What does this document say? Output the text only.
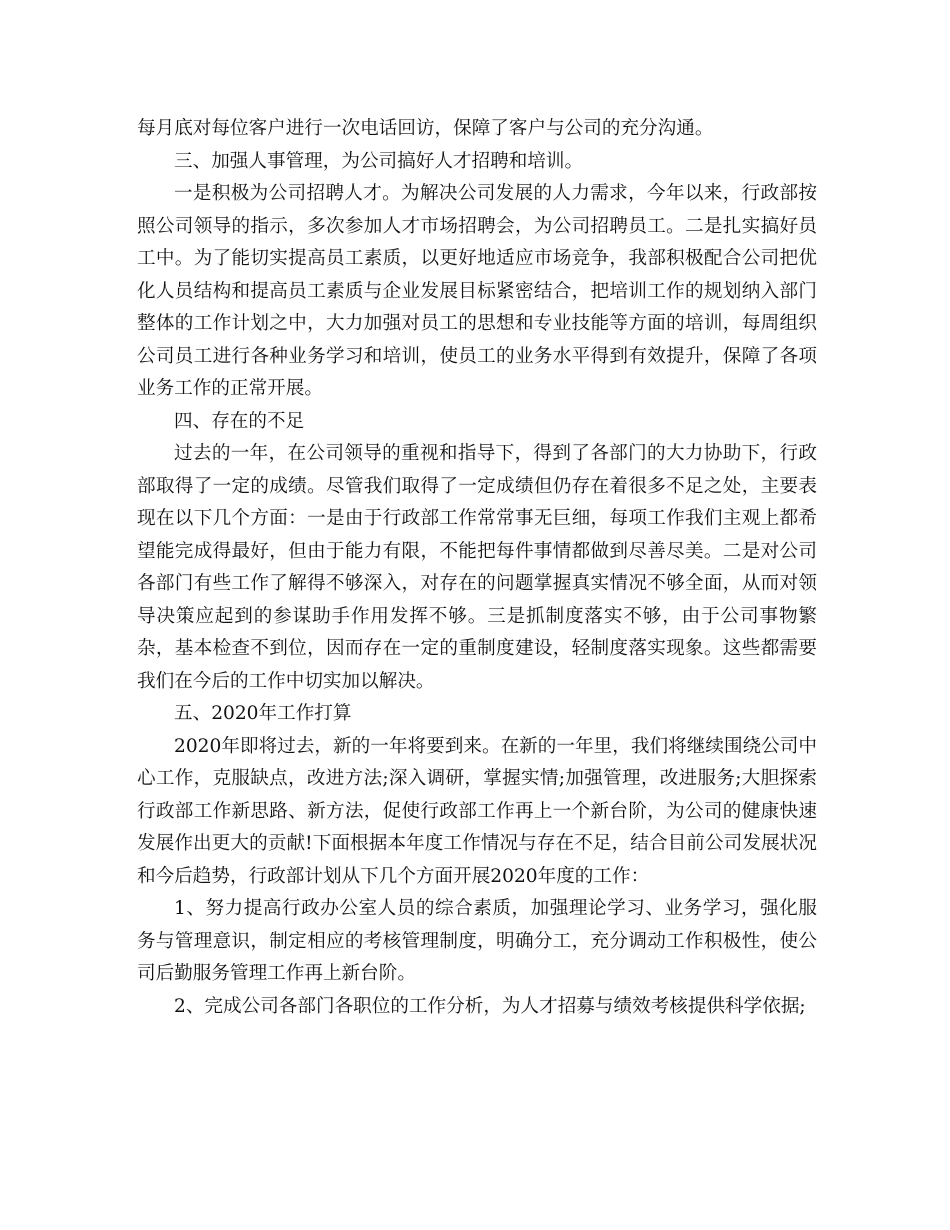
每月底对每位客户进行一次电话回访，保障了客户与公司的充分沟通。

三、加强人事管理，为公司搞好人才招聘和培训。

一是积极为公司招聘人才。为解决公司发展的人力需求，今年以来，行政部按照公司领导的指示，多次参加人才市场招聘会，为公司招聘员工。二是扎实搞好员工中。为了能切实提高员工素质，以更好地适应市场竞争，我部积极配合公司把优化人员结构和提高员工素质与企业发展目标紧密结合，把培训工作的规划纳入部门整体的工作计划之中，大力加强对员工的思想和专业技能等方面的培训，每周组织公司员工进行各种业务学习和培训，使员工的业务水平得到有效提升，保障了各项业务工作的正常开展。

四、存在的不足

过去的一年，在公司领导的重视和指导下，得到了各部门的大力协助下，行政部取得了一定的成绩。尽管我们取得了一定成绩但仍存在着很多不足之处，主要表现在以下几个方面：一是由于行政部工作常常事无巨细，每项工作我们主观上都希望能完成得最好，但由于能力有限，不能把每件事情都做到尽善尽美。二是对公司各部门有些工作了解得不够深入，对存在的问题掌握真实情况不够全面，从而对领导决策应起到的参谋助手作用发挥不够。三是抓制度落实不够，由于公司事物繁杂，基本检查不到位，因而存在一定的重制度建设，轻制度落实现象。这些都需要我们在今后的工作中切实加以解决。

五、2020年工作打算

2020年即将过去，新的一年将要到来。在新的一年里，我们将继续围绕公司中心工作，克服缺点，改进方法;深入调研，掌握实情;加强管理，改进服务;大胆探索行政部工作新思路、新方法，促使行政部工作再上一个新台阶，为公司的健康快速发展作出更大的贡献!下面根据本年度工作情况与存在不足，结合目前公司发展状况和今后趋势，行政部计划从下几个方面开展2020年度的工作：

1、努力提高行政办公室人员的综合素质，加强理论学习、业务学习，强化服务与管理意识，制定相应的考核管理制度，明确分工，充分调动工作积极性，使公司后勤服务管理工作再上新台阶。

2、完成公司各部门各职位的工作分析，为人才招募与绩效考核提供科学依据;
